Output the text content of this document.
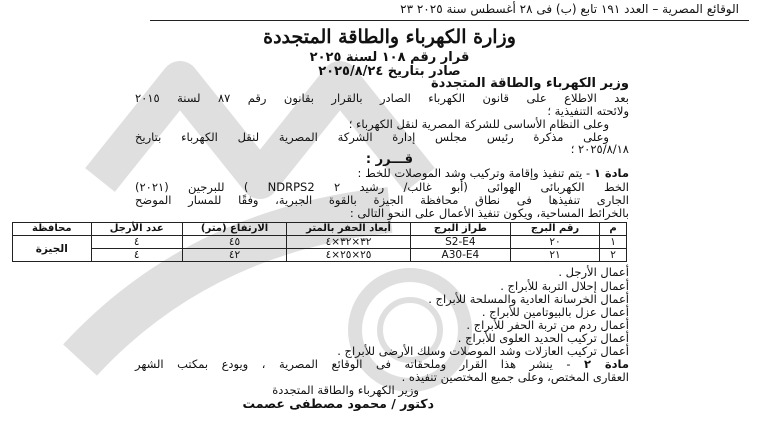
الوقائع المصرية – العدد ١٩١ تابع (ب) فى ٢٨ أغسطس سنة ٢٠٢٥ ٢٣
وزارة الكهرباء والطاقة المتجددة
قرار رقم ١٠٨ لسنة ٢٠٢٥
صادر بتاريخ ٢٠٢٥/٨/٢٤
وزير الكهرباء والطاقة المتجددة
بعد الاطلاع على قانون الكهرباء الصادر بالقرار بقانون رقم ٨٧ لسنة ٢٠١٥
ولائحته التنفيذية ؛
وعلى النظام الأساسى للشركة المصرية لنقل الكهرباء ؛
وعلى مذكرة رئيس مجلس إدارة الشركة المصرية لنقل الكهرباء بتاريخ
٢٠٢٥/٨/١٨ ؛
قـــرر :
مادة ١ - يتم تنفيذ وإقامة وتركيب وشد الموصلات للخط :
الخط الكهربائى الهوائى (أبو غالب/ رشيد ٢ NDRPS2 ) للبرجين (٢٠٢١)
الجارى تنفيذها فى نطاق محافظة الجيزة بالقوة الجبرية، وفقًا للمسار الموضح
بالخرائط المساحية، ويكون تنفيذ الأعمال على النحو التالى :
م	رقم البرج	طراز البرج	أبعاد الحفر بالمتر	الارتفاع (متر)	عدد الأرجل	محافظة
١	٢٠	S2-E4	٣٢×٣٢×٤	٤٥	٤	الجيزة
٢	٢١	A30-E4	٢٥×٢٥×٤	٤٢	٤	
أعمال الأرجل .
أعمال إحلال التربة للأبراج .
أعمال الخرسانة العادية والمسلحة للأبراج .
أعمال عزل بالبيوتامين للأبراج .
أعمال ردم من تربة الحفر للأبراج .
أعمال تركيب الحديد العلوى للأبراج .
أعمال تركيب العازلات وشد الموصلات وسلك الأرضى للأبراج .
مادة ٢ - ينشر هذا القرار وملحقاته فى الوقائع المصرية ، ويودع بمكتب الشهر
العقارى المختص، وعلى جميع المختصين تنفيذه .
وزير الكهرباء والطاقة المتجددة
دكتور / محمود مصطفى عصمت
